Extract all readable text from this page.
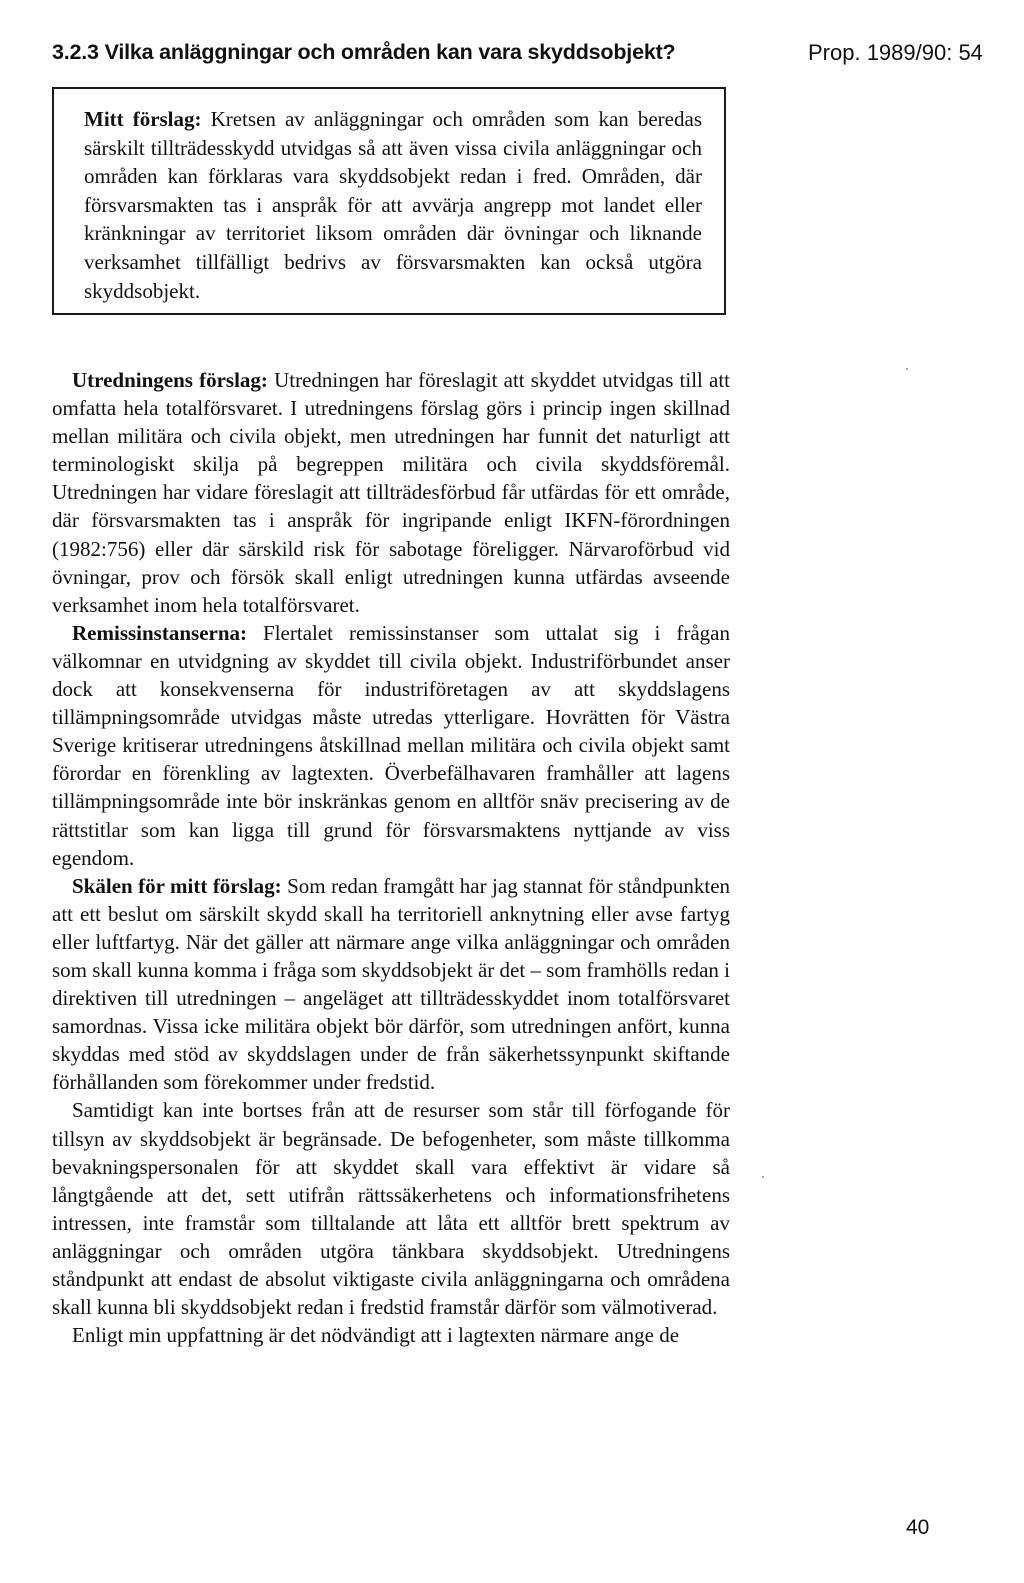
3.2.3 Vilka anläggningar och områden kan vara skyddsobjekt?	Prop. 1989/90: 54

Mitt förslag: Kretsen av anläggningar och områden som kan beredas särskilt tillträdesskydd utvidgas så att även vissa civila anläggningar och områden kan förklaras vara skyddsobjekt redan i fred. Områden, där försvarsmakten tas i anspråk för att avvärja angrepp mot landet eller kränkningar av territoriet liksom områden där övningar och liknande verksamhet tillfälligt bedrivs av försvarsmakten kan också utgöra skyddsobjekt.

Utredningens förslag: Utredningen har föreslagit att skyddet utvidgas till att omfatta hela totalförsvaret. I utredningens förslag görs i princip ingen skillnad mellan militära och civila objekt, men utredningen har funnit det naturligt att terminologiskt skilja på begreppen militära och civila skyddsföremål. Utredningen har vidare föreslagit att tillträdesförbud får utfärdas för ett område, där försvarsmakten tas i anspråk för ingripande enligt IKFN-förordningen (1982:756) eller där särskild risk för sabotage föreligger. Närvaroförbud vid övningar, prov och försök skall enligt utredningen kunna utfärdas avseende verksamhet inom hela totalförsvaret.

Remissinstanserna: Flertalet remissinstanser som uttalat sig i frågan välkomnar en utvidgning av skyddet till civila objekt. Industriförbundet anser dock att konsekvenserna för industriföretagen av att skyddslagens tillämpningsområde utvidgas måste utredas ytterligare. Hovrätten för Västra Sverige kritiserar utredningens åtskillnad mellan militära och civila objekt samt förordar en förenkling av lagtexten. Överbefälhavaren framhåller att lagens tillämpningsområde inte bör inskränkas genom en alltför snäv precisering av de rättstitlar som kan ligga till grund för försvarsmaktens nyttjande av viss egendom.

Skälen för mitt förslag: Som redan framgått har jag stannat för ståndpunkten att ett beslut om särskilt skydd skall ha territoriell anknytning eller avse fartyg eller luftfartyg. När det gäller att närmare ange vilka anläggningar och områden som skall kunna komma i fråga som skyddsobjekt är det – som framhölls redan i direktiven till utredningen – angeläget att tillträdesskyddet inom totalförsvaret samordnas. Vissa icke militära objekt bör därför, som utredningen anfört, kunna skyddas med stöd av skyddslagen under de från säkerhetssynpunkt skiftande förhållanden som förekommer under fredstid.

Samtidigt kan inte bortses från att de resurser som står till förfogande för tillsyn av skyddsobjekt är begränsade. De befogenheter, som måste tillkomma bevakningspersonalen för att skyddet skall vara effektivt är vidare så långtgående att det, sett utifrån rättssäkerhetens och informationsfrihetens intressen, inte framstår som tilltalande att låta ett alltför brett spektrum av anläggningar och områden utgöra tänkbara skyddsobjekt. Utredningens ståndpunkt att endast de absolut viktigaste civila anläggningarna och områdena skall kunna bli skyddsobjekt redan i fredstid framstår därför som välmotiverad.

Enligt min uppfattning är det nödvändigt att i lagtexten närmare ange de

40
